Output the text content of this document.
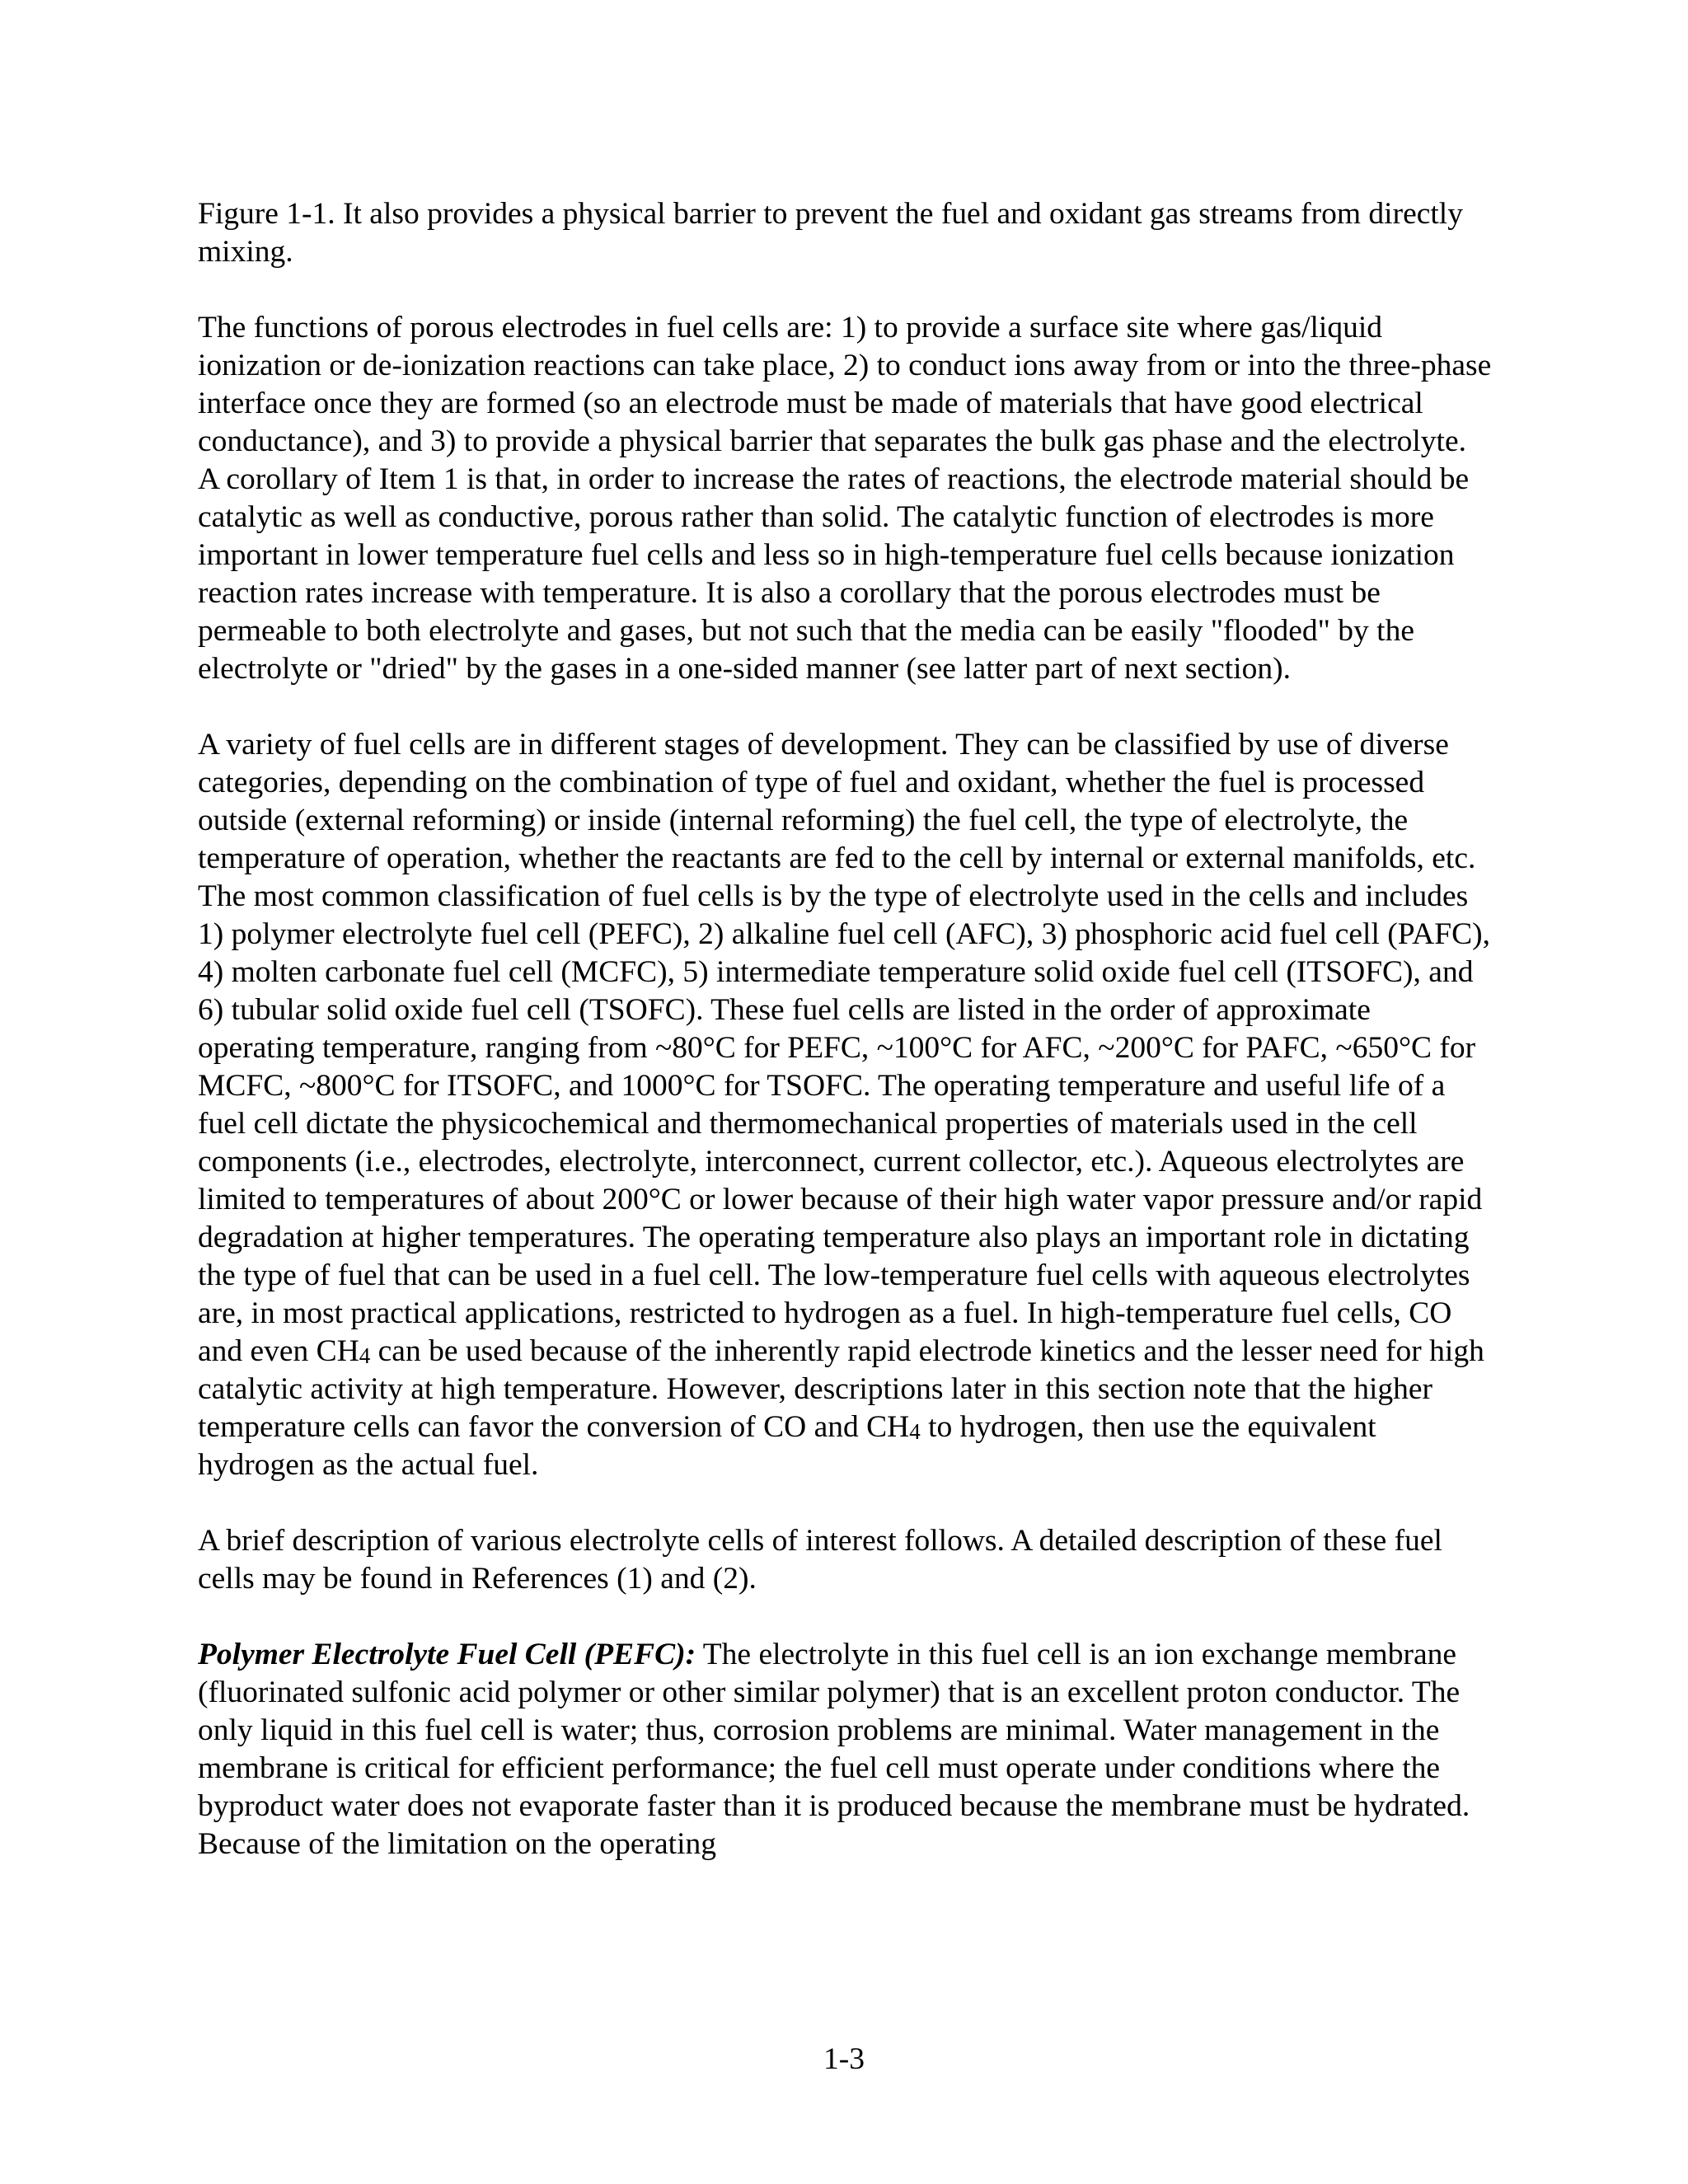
Figure 1-1. It also provides a physical barrier to prevent the fuel and oxidant gas streams from directly mixing.

The functions of porous electrodes in fuel cells are: 1) to provide a surface site where gas/liquid ionization or de-ionization reactions can take place, 2) to conduct ions away from or into the three-phase interface once they are formed (so an electrode must be made of materials that have good electrical conductance), and 3) to provide a physical barrier that separates the bulk gas phase and the electrolyte. A corollary of Item 1 is that, in order to increase the rates of reactions, the electrode material should be catalytic as well as conductive, porous rather than solid. The catalytic function of electrodes is more important in lower temperature fuel cells and less so in high-temperature fuel cells because ionization reaction rates increase with temperature. It is also a corollary that the porous electrodes must be permeable to both electrolyte and gases, but not such that the media can be easily "flooded" by the electrolyte or "dried" by the gases in a one-sided manner (see latter part of next section).

A variety of fuel cells are in different stages of development. They can be classified by use of diverse categories, depending on the combination of type of fuel and oxidant, whether the fuel is processed outside (external reforming) or inside (internal reforming) the fuel cell, the type of electrolyte, the temperature of operation, whether the reactants are fed to the cell by internal or external manifolds, etc. The most common classification of fuel cells is by the type of electrolyte used in the cells and includes 1) polymer electrolyte fuel cell (PEFC), 2) alkaline fuel cell (AFC), 3) phosphoric acid fuel cell (PAFC), 4) molten carbonate fuel cell (MCFC), 5) intermediate temperature solid oxide fuel cell (ITSOFC), and 6) tubular solid oxide fuel cell (TSOFC). These fuel cells are listed in the order of approximate operating temperature, ranging from ~80°C for PEFC, ~100°C for AFC, ~200°C for PAFC, ~650°C for MCFC, ~800°C for ITSOFC, and 1000°C for TSOFC. The operating temperature and useful life of a fuel cell dictate the physicochemical and thermomechanical properties of materials used in the cell components (i.e., electrodes, electrolyte, interconnect, current collector, etc.). Aqueous electrolytes are limited to temperatures of about 200°C or lower because of their high water vapor pressure and/or rapid degradation at higher temperatures. The operating temperature also plays an important role in dictating the type of fuel that can be used in a fuel cell. The low-temperature fuel cells with aqueous electrolytes are, in most practical applications, restricted to hydrogen as a fuel. In high-temperature fuel cells, CO and even CH4 can be used because of the inherently rapid electrode kinetics and the lesser need for high catalytic activity at high temperature. However, descriptions later in this section note that the higher temperature cells can favor the conversion of CO and CH4 to hydrogen, then use the equivalent hydrogen as the actual fuel.

A brief description of various electrolyte cells of interest follows. A detailed description of these fuel cells may be found in References (1) and (2).

Polymer Electrolyte Fuel Cell (PEFC): The electrolyte in this fuel cell is an ion exchange membrane (fluorinated sulfonic acid polymer or other similar polymer) that is an excellent proton conductor. The only liquid in this fuel cell is water; thus, corrosion problems are minimal. Water management in the membrane is critical for efficient performance; the fuel cell must operate under conditions where the byproduct water does not evaporate faster than it is produced because the membrane must be hydrated. Because of the limitation on the operating

1-3
